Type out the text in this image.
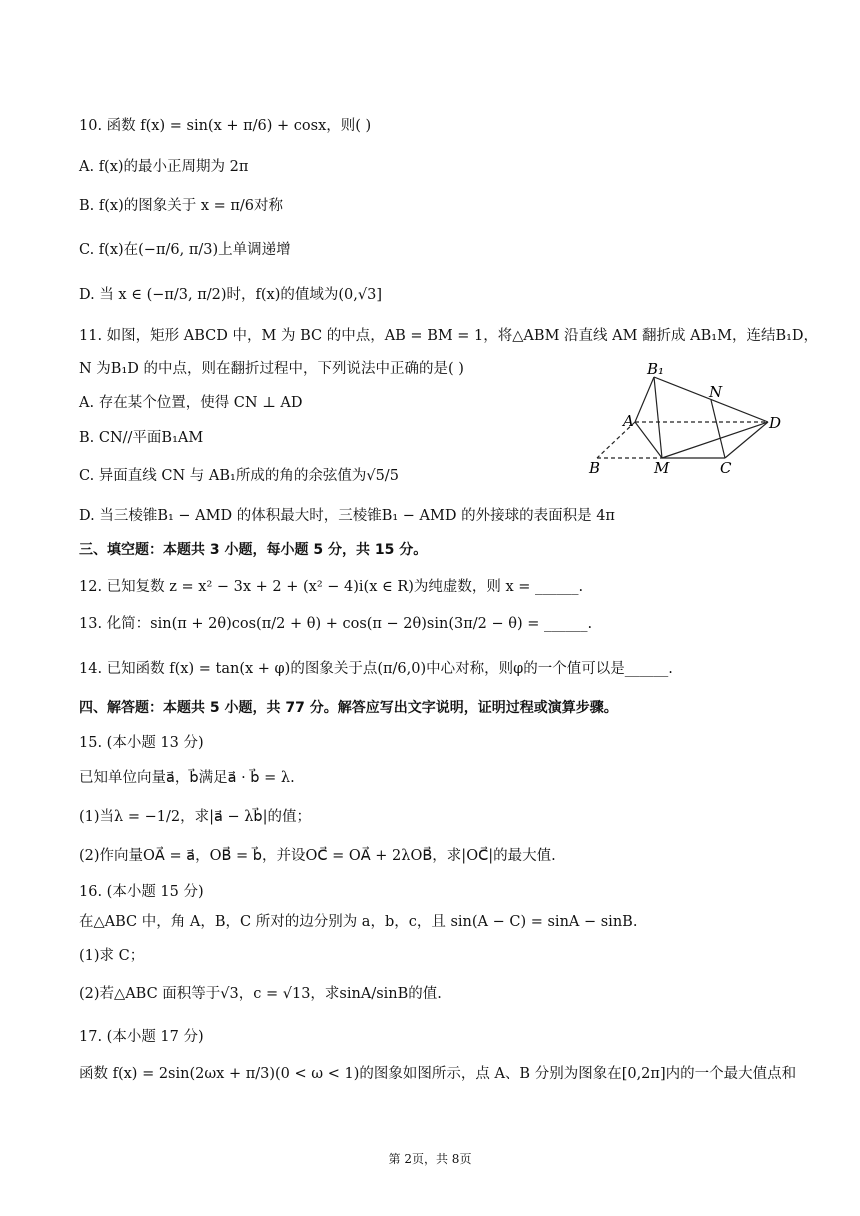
10. 函数 f(x) = sin(x + π/6) + cosx，则( )
A. f(x)的最小正周期为 2π
B. f(x)的图象关于 x = π/6对称
C. f(x)在(−π/6, π/3)上单调递增
D. 当 x ∈ (−π/3, π/2)时，f(x)的值域为(0,√3]
11. 如图，矩形 ABCD 中，M 为 BC 的中点，AB = BM = 1，将△ABM 沿直线 AM 翻折成 AB₁M，连结B₁D，
N 为B₁D 的中点，则在翻折过程中，下列说法中正确的是( )
A. 存在某个位置，使得 CN ⊥ AD
B. CN//平面B₁AM
C. 异面直线 CN 与 AB₁所成的角的余弦值为√5/5
D. 当三棱锥B₁ − AMD 的体积最大时，三棱锥B₁ − AMD 的外接球的表面积是 4π
B₁
A
B	M	C
N
D
三、填空题：本题共 3 小题，每小题 5 分，共 15 分。
12. 已知复数 z = x² − 3x + 2 + (x² − 4)i(x ∈ R)为纯虚数，则 x = ______.
13. 化简：sin(π + 2θ)cos(π/2 + θ) + cos(π − 2θ)sin(3π/2 − θ) = ______.
14. 已知函数 f(x) = tan(x + φ)的图象关于点(π/6,0)中心对称，则φ的一个值可以是______.
四、解答题：本题共 5 小题，共 77 分。解答应写出文字说明，证明过程或演算步骤。
15. (本小题 13 分)
已知单位向量a⃗，b⃗满足a⃗ · b⃗ = λ.
(1)当λ = −1/2，求|a⃗ − λb⃗|的值；
(2)作向量OA⃗ = a⃗，OB⃗ = b⃗，并设OC⃗ = OA⃗ + 2λOB⃗，求|OC⃗|的最大值.
16. (本小题 15 分)
在△ABC 中，角 A，B，C 所对的边分别为 a，b，c，且 sin(A − C) = sinA − sinB.
(1)求 C；
(2)若△ABC 面积等于√3，c = √13，求sinA/sinB的值.
17. (本小题 17 分)
函数 f(x) = 2sin(2ωx + π/3)(0 < ω < 1)的图象如图所示，点 A、B 分别为图象在[0,2π]内的一个最大值点和
第 2页，共 8页
